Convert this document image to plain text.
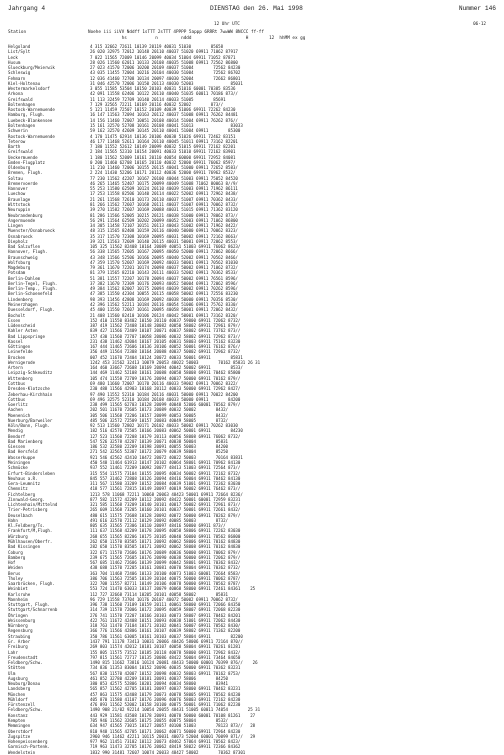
Jahrgang 4	DIENSTAG den 26. Mai 1998	Nummer 146
12 Uhr UTC	06-12
Station	Noehe iii iiVV Nddff 1sTTT 2sTTT 4PPPP 5appp 6RRRt 7wwWW 8NCCC ff-ff
hs           n         nddd                     H        12  hhMM ex gg
Helgoland	4 315 32662 72611 10139 20119 40031 51030        85658
List/Sylt	26 020 32975 72012 10148 20110 40037 51020 69911 71062 87917
Leck	7 022 11565 72009 10146 20099 40034 51004 69911 71052 87871
Husum	28 026 11560 62011 10133 20108 40035 51008 69911 72562 86800
Glueckburg/Meierwik	27 023 41570 72006 10200 20109 40037 51004        72562 84230
Schleswig	43 035 11455 72004 10216 20104 40030 51004        72562 86702
Fehmarn	12 036 41460 72708 10134 20097 40030 52004        72662 86801
Kiel-Holtenau	31 046 42570 72006 10150 20113 40030 52003               85031
Westermarkelsdorf	3 055 11585 53504 10150 20103 40031 51016 60001 70385 83536
Arkona	42 091 11558 62406 10122 20110 40040 51035 60011 70186 873//
Greifswald	11 113 32459 72709 10140 20114 40033 51005        85691
Boltenhagen	7 129 32565 72211 10169 20116 40032 52002        873//
Rostock-Warnemuende	5 121 11459 72507 10152 20109 40039 51006 69911 72262 84230
Hamburg, Flugh.	16 147 11563 72094 10163 20112 40037 51008 69911 76262 84481
Luebeck-Blankensee	14 156 11460 72007 10051 20108 40014 51004 69911 76262 876//
Boltenhagen	15 161 32570 52708 10161 20108 40041 51013               83033
Schwerin	59 162 32570 42609 10145 20110 40041 51004 69911        85300
Rostock-Warnemuende	4 170 11475 62914 10136 20106 40038 51026 69911 72462 83151
Teterow	46 177 11468 52611 10164 20110 40045 51011 69911 73162 82201
Barth	7 180 11552 52612 10149 20099 40032 51015 69911 72162 82201
Greifswald	2 184 11565 52310 10154 20091 40033 51010 69911 72162 83901
Ueckermuende	1 180 11562 52009 10161 20110 40054 60000 69911 72952 84081
Emden-Flugplatz	0 200 11460 62708 10165 20110 40032 52000 69911 76062 8597/
Oldenburg	11 210 11460 72006 10155 20115 40041 51000 69911 72652 8583/
Bremen, Flugh.	2 224 11430 52206 10171 20112 40036 52000 69911 76962 8532/
Soltau	77 230 11562 42207 10167 20100 40044 51003 69911 75052 84520
Bremervoerde	46 265 11465 52407 10175 20099 40049 51008 71062 80063 8//9/
Hannover	55 253 11580 62509 10124 20110 40039 51003 69911 71962 86111
Luechow	17 253 11558 82506 10140 20114 40022 52002 69911 72962 8438/
Braunlage	21 261 11568 72610 10173 20110 40037 51007 69911 70362 8433/
Wittstock	81 266 11562 72607 10168 20111 40037 51007 69911 70062 8732/
Neuruppin	39 270 11582 72607 10169 20088 40031 51015 69911 71362 83120
Neubrandenburg	81 286 11566 52005 10215 20121 40038 51000 69911 78062 873//
Angermuende	56 291 11564 62509 10202 20099 40052 52003 69911 71062 86800
Lingen	34 305 11458 72107 10151 20113 40043 51002 69911 71962 8422/
Muenster/Osnabrueck	48 315 11565 82408 10159 20116 40040 50000 69911 70062 8323/
Osnabrueck	35 317 11570 72308 10169 20095 40031 50002 69911 72162 8663/
Diepholz	39 321 11563 72609 10140 20115 40031 50001 69911 72062 8553/
Bad Salzuflen	105 325 11562 82408 10164 20089 40051 51003 69911 76062 8623/
Hannover, Flugh.	56 338 11565 72605 10167 20095 40050 52000 69911 72062 8666/
Braunschweig	43 348 11566 52506 10166 20095 40040 52002 69911 70562 8466/
Wolfsburg	47 359 11570 52607 10169 20092 40033 50001 69911 70562 81030
Magdeburg	79 361 11670 72201 10174 20098 40037 50002 69911 71062 8732/
Potsdam	81 379 11565 82210 10143 20111 40033 52002 69911 70362 8533/
Berlin-Dahlem	51 381 11557 72207 10178 20094 40037 50002 69911 76561 8596/
Berlin-Tegel, Flugh.	37 382 11670 72309 10176 20093 40052 50004 69911 72062 8596/
Berlin-Temp., Flugh.	49 384 11562 82007 10175 20094 40039 50002 69911 70262 8596/
Berlin-Schoenefeld	47 385 11550 42304 10055 20115 40058 50002 69911 72556 83230
Lindenberg	98 393 11456 42808 10169 20092 40038 50000 69911 70356 8530/
Meinerzhagen	42 396 11562 52211 10184 20116 40054 51006 69911 75762 8330/
Duesseldorf, Flugh.	45 400 11550 72607 10161 20095 40058 58001 69911 72062 8432/
Bocholt	21 408 11560 82410 10106 20124 40042 50001 69911 73162 8320/
Essen	152 410 11550 83402 10150 20110 40037 59000 69911 72062 8732/
Lüdenscheid	387 419 11562 72408 10148 20082 40050 58002 69911 72961 879//
Kahler Asten	839 427 11566 72409 10107 20071 40037 58002 69911 73762 873//
Bad Lippspringe	157 430 11560 72707 10058 20086 40032 58002 69911 72962 873//
Kassel	231 438 11462 42004 10167 20105 40031 58003 69911 75162 83230
Göttingen	167 444 11465 72606 10136 20106 40052 50001 69911 76162 876//
Leinefelde	356 449 11564 72308 10164 20088 40037 50002 69911 72962 8732/
Brocken	007 452 11670 72404 10124 20072 40033 50001 69911        85831
Wernigerode	1242 453 31562 32413 10079 20053 40022 50003        70162 85831 26 31
Artern	164 460 33667 72608 10169 20094 40042 50002 69911        8533/
Leipzig-Schkeuditz	144 469 11462 52108 10161 20088 40058 58008 69911 70462 85800
Wittenberg	105 474 11558 72709 10176 20094 40037 50000 69911 70162 879//
Cottbus	69 480 11660 72007 10170 20116 40033 59002 69911 70062 8322/
Dresden-Klotzsche	230 488 11566 42903 10168 20112 40033 50000 69911 72962 8427/
Zeberhau-Kirchhain	97 490 11552 52310 10184 20116 40031 50000 69911 70022 84200
Cottbus	69 496 32575 52310 10184 20108 40033 50000 69911        84200
Goerlitz	238 499 11565 62703 10128 20099 40048 52006 60001 70562 879//
Aachen	202 501 11670 72605 10173 20089 40032 50002        8432/
Moenenich	305 506 11568 72206 10157 20099 40053 50005        8432/
Nuerburg/Barweiler	485 506 32572 72509 10157 20083 40049 58005        8732/
Köln/Bonn, Flugh.	92 513 11560 72802 10171 20102 40033 50002 69911 70262 83030
Mendig	182 516 42570 72505 10166 20083 40062 50001 69911        84230
Bendorf	127 523 11560 72208 10179 20113 40056 58008 69911 76062 8732/
Bad Marienberg	547 526 32578 42207 10139 20071 40038 50004        85831
Giessen	186 532 32580 22209 10198 20091 40055 50003        84200
Bad Hersfeld	271 542 32565 52307 10172 20079 40039 58004        85250
Wasserkuppe	921 546 42562 42410 10472 20072 40022 50003        70164 83831
Meiningen	450 548 11464 61913 10147 20102 40064 58001 69911 70962 84130
Schmücke	937 552 11461 72209 10092 20077 48413 51003 69911 72564 873//
Erfurt-Bindersleben	315 554 11575 73104 10155 20095 40034 50002 69911 72162 8732/
Neuhaus a.R.	845 557 31462 72808 10126 20094 48416 50004 69911 70462 84130
Gera-Leumnitz	311 567 11580 33209 10152 20084 40039 51001 69911 72362 83030
Chemnitz	418 577 11561 72815 10149 20097 40019 50002 69911 76462 873//
Fichtelberg	1213 578 11068 72211 10068 20063 48423 50001 69911 72664 8236/
Zinnwald-Georg.	877 582 11572 42209 10112 20092 48422 50001 60001 72959 83231
Lichtenhain/Mittelnd	321 585 11568 73209 10140 20101 40017 50002 69911 72961 873//
Trier-Petrisberg	265 609 11568 73205 10160 20101 40037 50001 69911 72661 8432/
Deuselbach	480 615 11575 72608 10128 20092 40072 50000 69911 70262 879//
Hahn	491 616 32570 72112 10129 20092 40085 50003        8732/
Kl.Feldberg/Ts.	805 635 31565 72306 10110 20097 48416 50000 69911 873//
Frankfurt/M,Flugh.	111 637 11568 42209 10178 20095 40058 58006 69911 72262 83030
Würzburg	268 655 11565 82206 10175 20105 40040 50000 69911 70562 86800
Mühlhausen/Oberfr.	262 658 11570 83505 10171 20092 40062 58006 69911 70162 84830
Bad Kissingen	282 658 11570 83505 10171 20092 40062 58008 69911 70162 84830
Coburg	322 671 11570 72606 10176 20089 40036 50000 69911 70062 879//
Bamberg	239 675 11565 72605 10176 20090 40038 50000 69911 72062 879//
Hof	567 685 11462 72606 10139 20099 40042 58001 69911 70362 8432/
Weiden	438 688 11570 72205 10161 20081 40070 58004 69911 70362 8732/
Berus	363 704 11468 72406 10133 20100 40073 51003 60001 72664 8583/
Tholey	386 706 11563 72505 10139 20104 40075 50000 69911 70062 8787/
Saarbrücken, Flugh.	322 708 11557 82711 10149 20106 40078 50000 69911 70562 8787/
Weinbiet	553 724 11470 63033 10137 20079 40068 58000 69911 72461 84361    25
Karlsruhe	112 727 32668 73114 10205 20101 40058 58002        85831
Mannheim	96 729 11558 73704 10176 20107 40072 50002 69911 70062 8732/
Stuttgart, Flugh.	396 738 11560 73109 10159 20111 40061 58000 69911 72066 84350
Stuttgart/Schnarrenb	314 739 11578 72006 10172 20095 40059 58007 69911 72068 82230
Öhringen	276 741 11570 72207 10166 20103 40073 58007 69911 70462 84201
Weissenburg	422 761 11672 42408 10151 20093 40038 51001 69911 72062 84430
Nürnberg	318 763 11470 73104 10171 20102 40041 50007 69911 70562 8430/
Regensburg	366 776 11566 42806 10161 20107 40039 58002 69911 71362 82200
Straubing	350 786 11561 63005 10161 20103 40037 58004 69911        82200
Gr. Arber	1437 791 11178 73413 10031 20066 48426 58006 69911 72164 870//
Freiburg	269 803 11574 42012 10181 20107 40058 58004 69911 70261 81281
Lahr	155 805 11575 73512 10185 20118 40078 58000 69911 72962 8432/
Freudenstadt	797 815 11561 72717 10135 20086 48422 50004 69911 73464 84650
Feldberg/Schw.	1490 815 11662 73816 10124 20081 48433 50000 60001 70399 876//    26
Stötten	734 836 11353 83004 10152 20096 40035 50000 69911 70362 83231
Ulm	567 838 11570 42007 10152 20098 40032 58003 69911 70162 8753/
Augsburg	461 852 32780 42209 10181 20091 40037 58006        84250
Neuburg/Donau	380 853 42575 52806 10201 20094 40034 58000        83941
Landsberg	565 857 11562 42705 10181 20097 40037 58000 69911 70462 83231
München	457 863 11575 42408 10179 20073 40078 58005 69911 70562 84230
Mühldorf	405 870 11580 41107 10176 20096 40076 58003 69911 72162 84230
Fürstenzell	476 893 11562 52002 10158 20100 40075 50001 69911 71062 82230
Feldberg/Schw.	1490 908 21/02 92214 10054 20055 48431 51005 60011 74054        25 31
Konstanz	443 929 11581 43508 10178 20091 40078 50000 60001 70108 81261    27
Kempten	705 946 11562 32605 10175 20055 40075 58004        8532/
Memmingen	634 947 41565 73015 10127 20057 40100 51003        78123 873//   28
Oberstdorf	810 948 11565 42705 10171 20062 40071 50000 69911 72964 84230
Zugspitze	2960 946 11462 42211 10115 20031 40073 52004 60001 70099 871//   29
Hohenpeissenberg	977 962 11451 73102 10112 20073 48462 57064 69911 70562 8423/
Garmisch-Partenk.	719 963 11473 32705 10176 20062 48419 58022 69911 72366 84362
Wendelstein	1832 990 31481 72607 10074 20033 48427 58002        70362 87301
